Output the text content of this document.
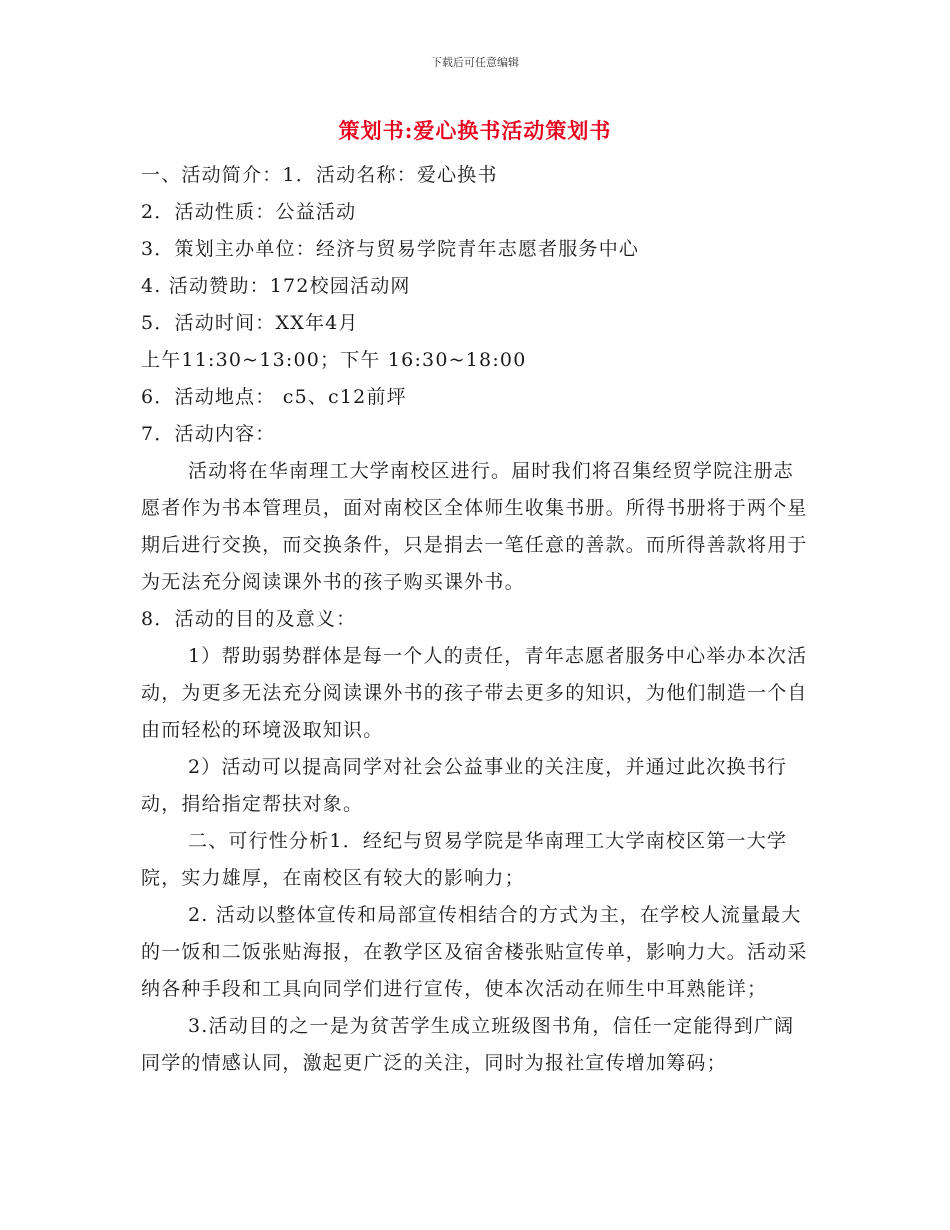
下载后可任意编辑
策划书:爱心换书活动策划书

一、活动简介：1．活动名称：爱心换书

2．活动性质：公益活动

3．策划主办单位：经济与贸易学院青年志愿者服务中心

4. 活动赞助：172校园活动网

5．活动时间：XX年4月

上午11:30~13:00；下午 16:30~18:00

6．活动地点： c5、c12前坪

7．活动内容：

活动将在华南理工大学南校区进行。届时我们将召集经贸学院注册志愿者作为书本管理员，面对南校区全体师生收集书册。所得书册将于两个星期后进行交换，而交换条件，只是捐去一笔任意的善款。而所得善款将用于为无法充分阅读课外书的孩子购买课外书。

8．活动的目的及意义：

1）帮助弱势群体是每一个人的责任，青年志愿者服务中心举办本次活动，为更多无法充分阅读课外书的孩子带去更多的知识，为他们制造一个自由而轻松的环境汲取知识。

2）活动可以提高同学对社会公益事业的关注度，并通过此次换书行动，捐给指定帮扶对象。

二、可行性分析1．经纪与贸易学院是华南理工大学南校区第一大学院，实力雄厚，在南校区有较大的影响力；

2. 活动以整体宣传和局部宣传相结合的方式为主，在学校人流量最大的一饭和二饭张贴海报，在教学区及宿舍楼张贴宣传单，影响力大。活动采纳各种手段和工具向同学们进行宣传，使本次活动在师生中耳熟能详；

3.活动目的之一是为贫苦学生成立班级图书角，信任一定能得到广阔同学的情感认同，激起更广泛的关注，同时为报社宣传增加筹码；
